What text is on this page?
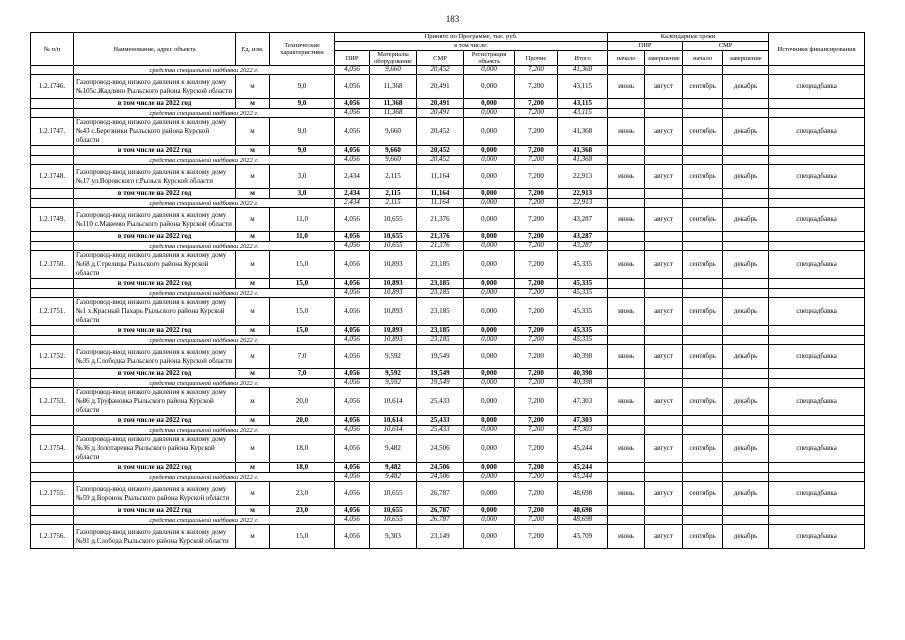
183
№ п/п	Наименование, адрес объекта	Ед. изм.	Технические характеристики	Принято по Программе, тыс. руб.						Календарные сроки				Источники финансирования
				в том числе:						ПИР		СМР		
				ПИР	Материалы оборудование	СМР	Регистрация объекта	Прочие	Итого	начало	завершение	начало	завершение	
	средства специальной надбавки 2022 г.			4,056	9,660	20,452	0,000	7,200	41,368					
1.2.1746.	Газопровод-ввод низкого давления к жилому дому №105с.Жадлино Рыльского района Курской области	м	9,0	4,056	11,368	20,491	0,000	7,200	43,115	июнь	август	сентябрь	декабрь	спецнадбавка
	в том числе на 2022 год	м	9,0	4,056	11,368	20,491	0,000	7,200	43,115					
	средства специальной надбавки 2022 г.			4,056	11,368	20,491	0,000	7,200	43,115					
1.2.1747.	Газопровод-ввод низкого давления к жилому дому №43 с.Березники Рыльского района Курской области	м	9,0	4,056	9,660	20,452	0,000	7,200	41,368	июнь	август	сентябрь	декабрь	спецнадбавка
	в том числе на 2022 год	м	9,0	4,056	9,660	20,452	0,000	7,200	41,368					
	средства специальной надбавки 2022 г.			4,056	9,660	20,452	0,000	7,200	41,368					
1.2.1748.	Газопровод-ввод низкого давления к жилому дому №17 ул.Воровского г.Рыльск Курской области	м	3,0	2,434	2,115	11,164	0,000	7,200	22,913	июнь	август	сентябрь	декабрь	спецнадбавка
	в том числе на 2022 год	м	3,0	2,434	2,115	11,164	0,000	7,200	22,913					
	средства специальной надбавки 2022 г.			2,434	2,115	11,164	0,000	7,200	22,913					
1.2.1749.	Газопровод-ввод низкого давления к жилому дому №110 с.Макеево Рыльского района Курской области	м	11,0	4,056	10,655	21,376	0,000	7,200	43,287	июнь	август	сентябрь	декабрь	спецнадбавка
	в том числе на 2022 год	м	11,0	4,056	10,655	21,376	0,000	7,200	43,287					
	средства специальной надбавки 2022 г.			4,056	10,655	21,376	0,000	7,200	43,287					
1.2.1750.	Газопровод-ввод низкого давления к жилому дому №68 д.Стрелицы Рыльского района Курской области	м	15,0	4,056	10,893	23,185	0,000	7,200	45,335	июнь	август	сентябрь	декабрь	спецнадбавка
	в том числе на 2022 год	м	15,0	4,056	10,893	23,185	0,000	7,200	45,335					
	средства специальной надбавки 2022 г.			4,056	10,893	23,185	0,000	7,200	45,335					
1.2.1751.	Газопровод-ввод низкого давления к жилому дому №1 х.Красный Пахарь Рыльского района Курской области	м	15,0	4,056	10,893	23,185	0,000	7,200	45,335	июнь	август	сентябрь	декабрь	спецнадбавка
	в том числе на 2022 год	м	15,0	4,056	10,893	23,185	0,000	7,200	45,335					
	средства специальной надбавки 2022 г.			4,056	10,893	23,185	0,000	7,200	45,335					
1.2.1752.	Газопровод-ввод низкого давления к жилому дому №35 д.Слободка Рыльского района Курской области	м	7,0	4,056	9,592	19,549	0,000	7,200	40,398	июнь	август	сентябрь	декабрь	спецнадбавка
	в том числе на 2022 год	м	7,0	4,056	9,592	19,549	0,000	7,200	40,398					
	средства специальной надбавки 2022 г.			4,056	9,592	19,549	0,000	7,200	40,398					
1.2.1753.	Газопровод-ввод низкого давления к жилому дому №86 д.Труфановка Рыльского района Курской области	м	20,0	4,056	10,614	25,433	0,000	7,200	47,303	июнь	август	сентябрь	декабрь	спецнадбавка
	в том числе на 2022 год	м	20,0	4,056	10,614	25,433	0,000	7,200	47,303					
	средства специальной надбавки 2022 г.			4,056	10,614	25,433	0,000	7,200	47,303					
1.2.1754.	Газопровод-ввод низкого давления к жилому дому №36 д.Золотаревка Рыльского района Курской области	м	18,0	4,056	9,482	24,506	0,000	7,200	45,244	июнь	август	сентябрь	декабрь	спецнадбавка
	в том числе на 2022 год	м	18,0	4,056	9,482	24,506	0,000	7,200	45,244					
	средства специальной надбавки 2022 г.			4,056	9,482	24,506	0,000	7,200	45,244					
1.2.1755.	Газопровод-ввод низкого давления к жилому дому №59 д.Воронок Рыльского района Курской области	м	23,0	4,056	10,655	26,787	0,000	7,200	48,698	июнь	август	сентябрь	декабрь	спецнадбавка
	в том числе на 2022 год	м	23,0	4,056	10,655	26,787	0,000	7,200	48,698					
	средства специальной надбавки 2022 г.			4,056	10,655	26,787	0,000	7,200	48,698					
1.2.1756.	Газопровод-ввод низкого давления к жилому дому №91 д.Слобода Рыльского района Курской области	м	15,0	4,056	9,303	23,149	0,000	7,200	43,709	июнь	август	сентябрь	декабрь	спецнадбавка
